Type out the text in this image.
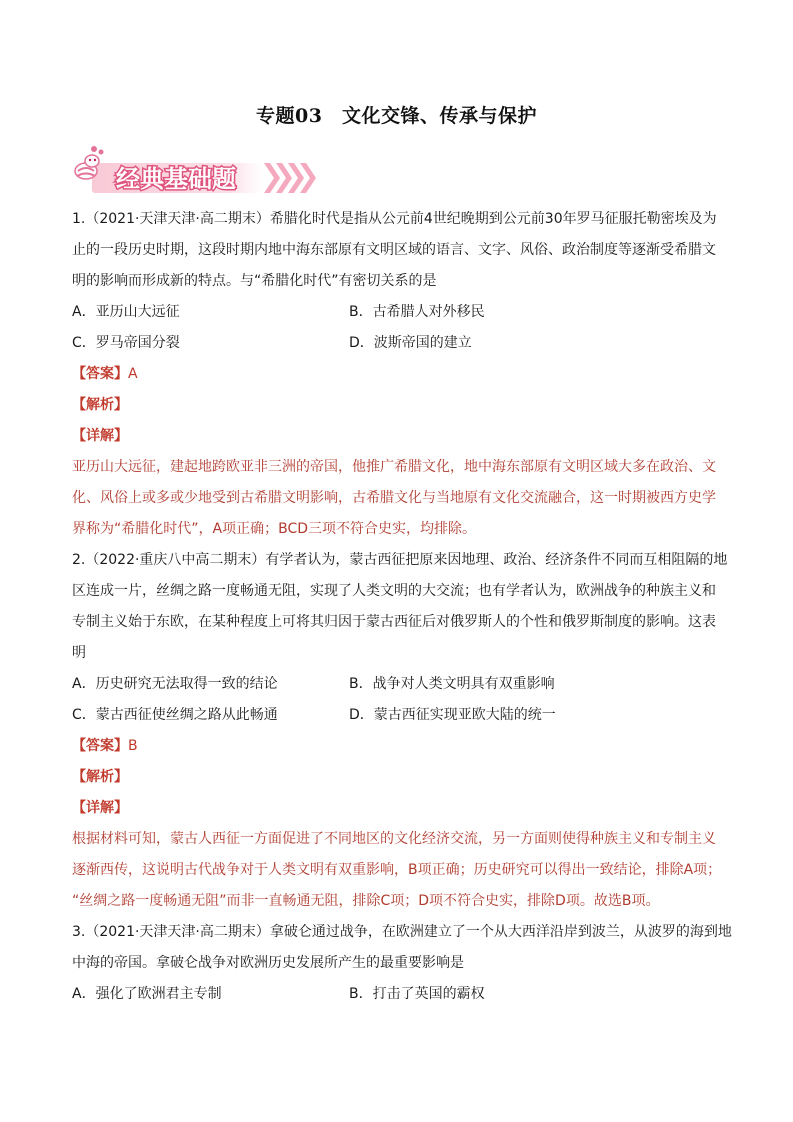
专题03　文化交锋、传承与保护
经典基础题
1.（2021·天津天津·高二期末）希腊化时代是指从公元前4世纪晚期到公元前30年罗马征服托勒密埃及为
止的一段历史时期，这段时期内地中海东部原有文明区域的语言、文字、风俗、政治制度等逐渐受希腊文
明的影响而形成新的特点。与“希腊化时代”有密切关系的是
A．亚历山大远征	B．古希腊人对外移民
C．罗马帝国分裂	D．波斯帝国的建立
【答案】A
【解析】
【详解】
亚历山大远征，建起地跨欧亚非三洲的帝国，他推广希腊文化，地中海东部原有文明区域大多在政治、文
化、风俗上或多或少地受到古希腊文明影响，古希腊文化与当地原有文化交流融合，这一时期被西方史学
界称为“希腊化时代”，A项正确；BCD三项不符合史实，均排除。
2.（2022·重庆八中高二期末）有学者认为，蒙古西征把原来因地理、政治、经济条件不同而互相阻隔的地
区连成一片，丝绸之路一度畅通无阻，实现了人类文明的大交流；也有学者认为，欧洲战争的种族主义和
专制主义始于东欧，在某种程度上可将其归因于蒙古西征后对俄罗斯人的个性和俄罗斯制度的影响。这表
明
A．历史研究无法取得一致的结论	B．战争对人类文明具有双重影响
C．蒙古西征使丝绸之路从此畅通	D．蒙古西征实现亚欧大陆的统一
【答案】B
【解析】
【详解】
根据材料可知，蒙古人西征一方面促进了不同地区的文化经济交流，另一方面则使得种族主义和专制主义
逐渐西传，这说明古代战争对于人类文明有双重影响，B项正确；历史研究可以得出一致结论，排除A项；
“丝绸之路一度畅通无阻”而非一直畅通无阻，排除C项；D项不符合史实，排除D项。故选B项。
3.（2021·天津天津·高二期末）拿破仑通过战争，在欧洲建立了一个从大西洋沿岸到波兰，从波罗的海到地
中海的帝国。拿破仑战争对欧洲历史发展所产生的最重要影响是
A．强化了欧洲君主专制	B．打击了英国的霸权
